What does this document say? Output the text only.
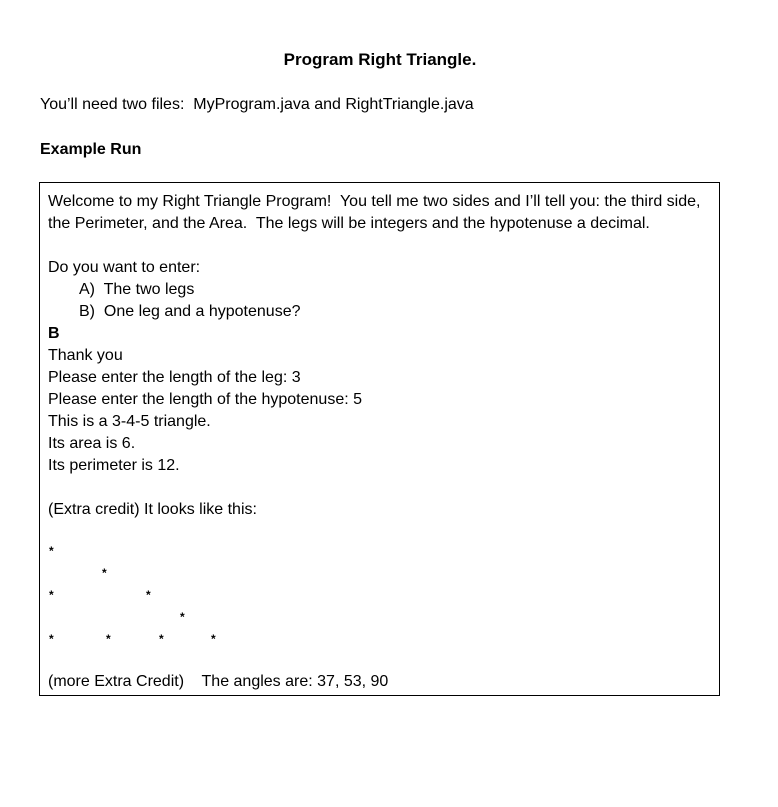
Program Right Triangle.
You’ll need two files:  MyProgram.java and RightTriangle.java
Example Run
Welcome to my Right Triangle Program!  You tell me two sides and I’ll tell you: the third side,
the Perimeter, and the Area.  The legs will be integers and the hypotenuse a decimal.
Do you want to enter:
A)  The two legs
B)  One leg and a hypotenuse?
B
Thank you
Please enter the length of the leg: 3
Please enter the length of the hypotenuse: 5
This is a 3-4-5 triangle.
Its area is 6.
Its perimeter is 12.
(Extra credit) It looks like this:
*
*
*	*
*
*	*	*	*
(more Extra Credit)    The angles are: 37, 53, 90
